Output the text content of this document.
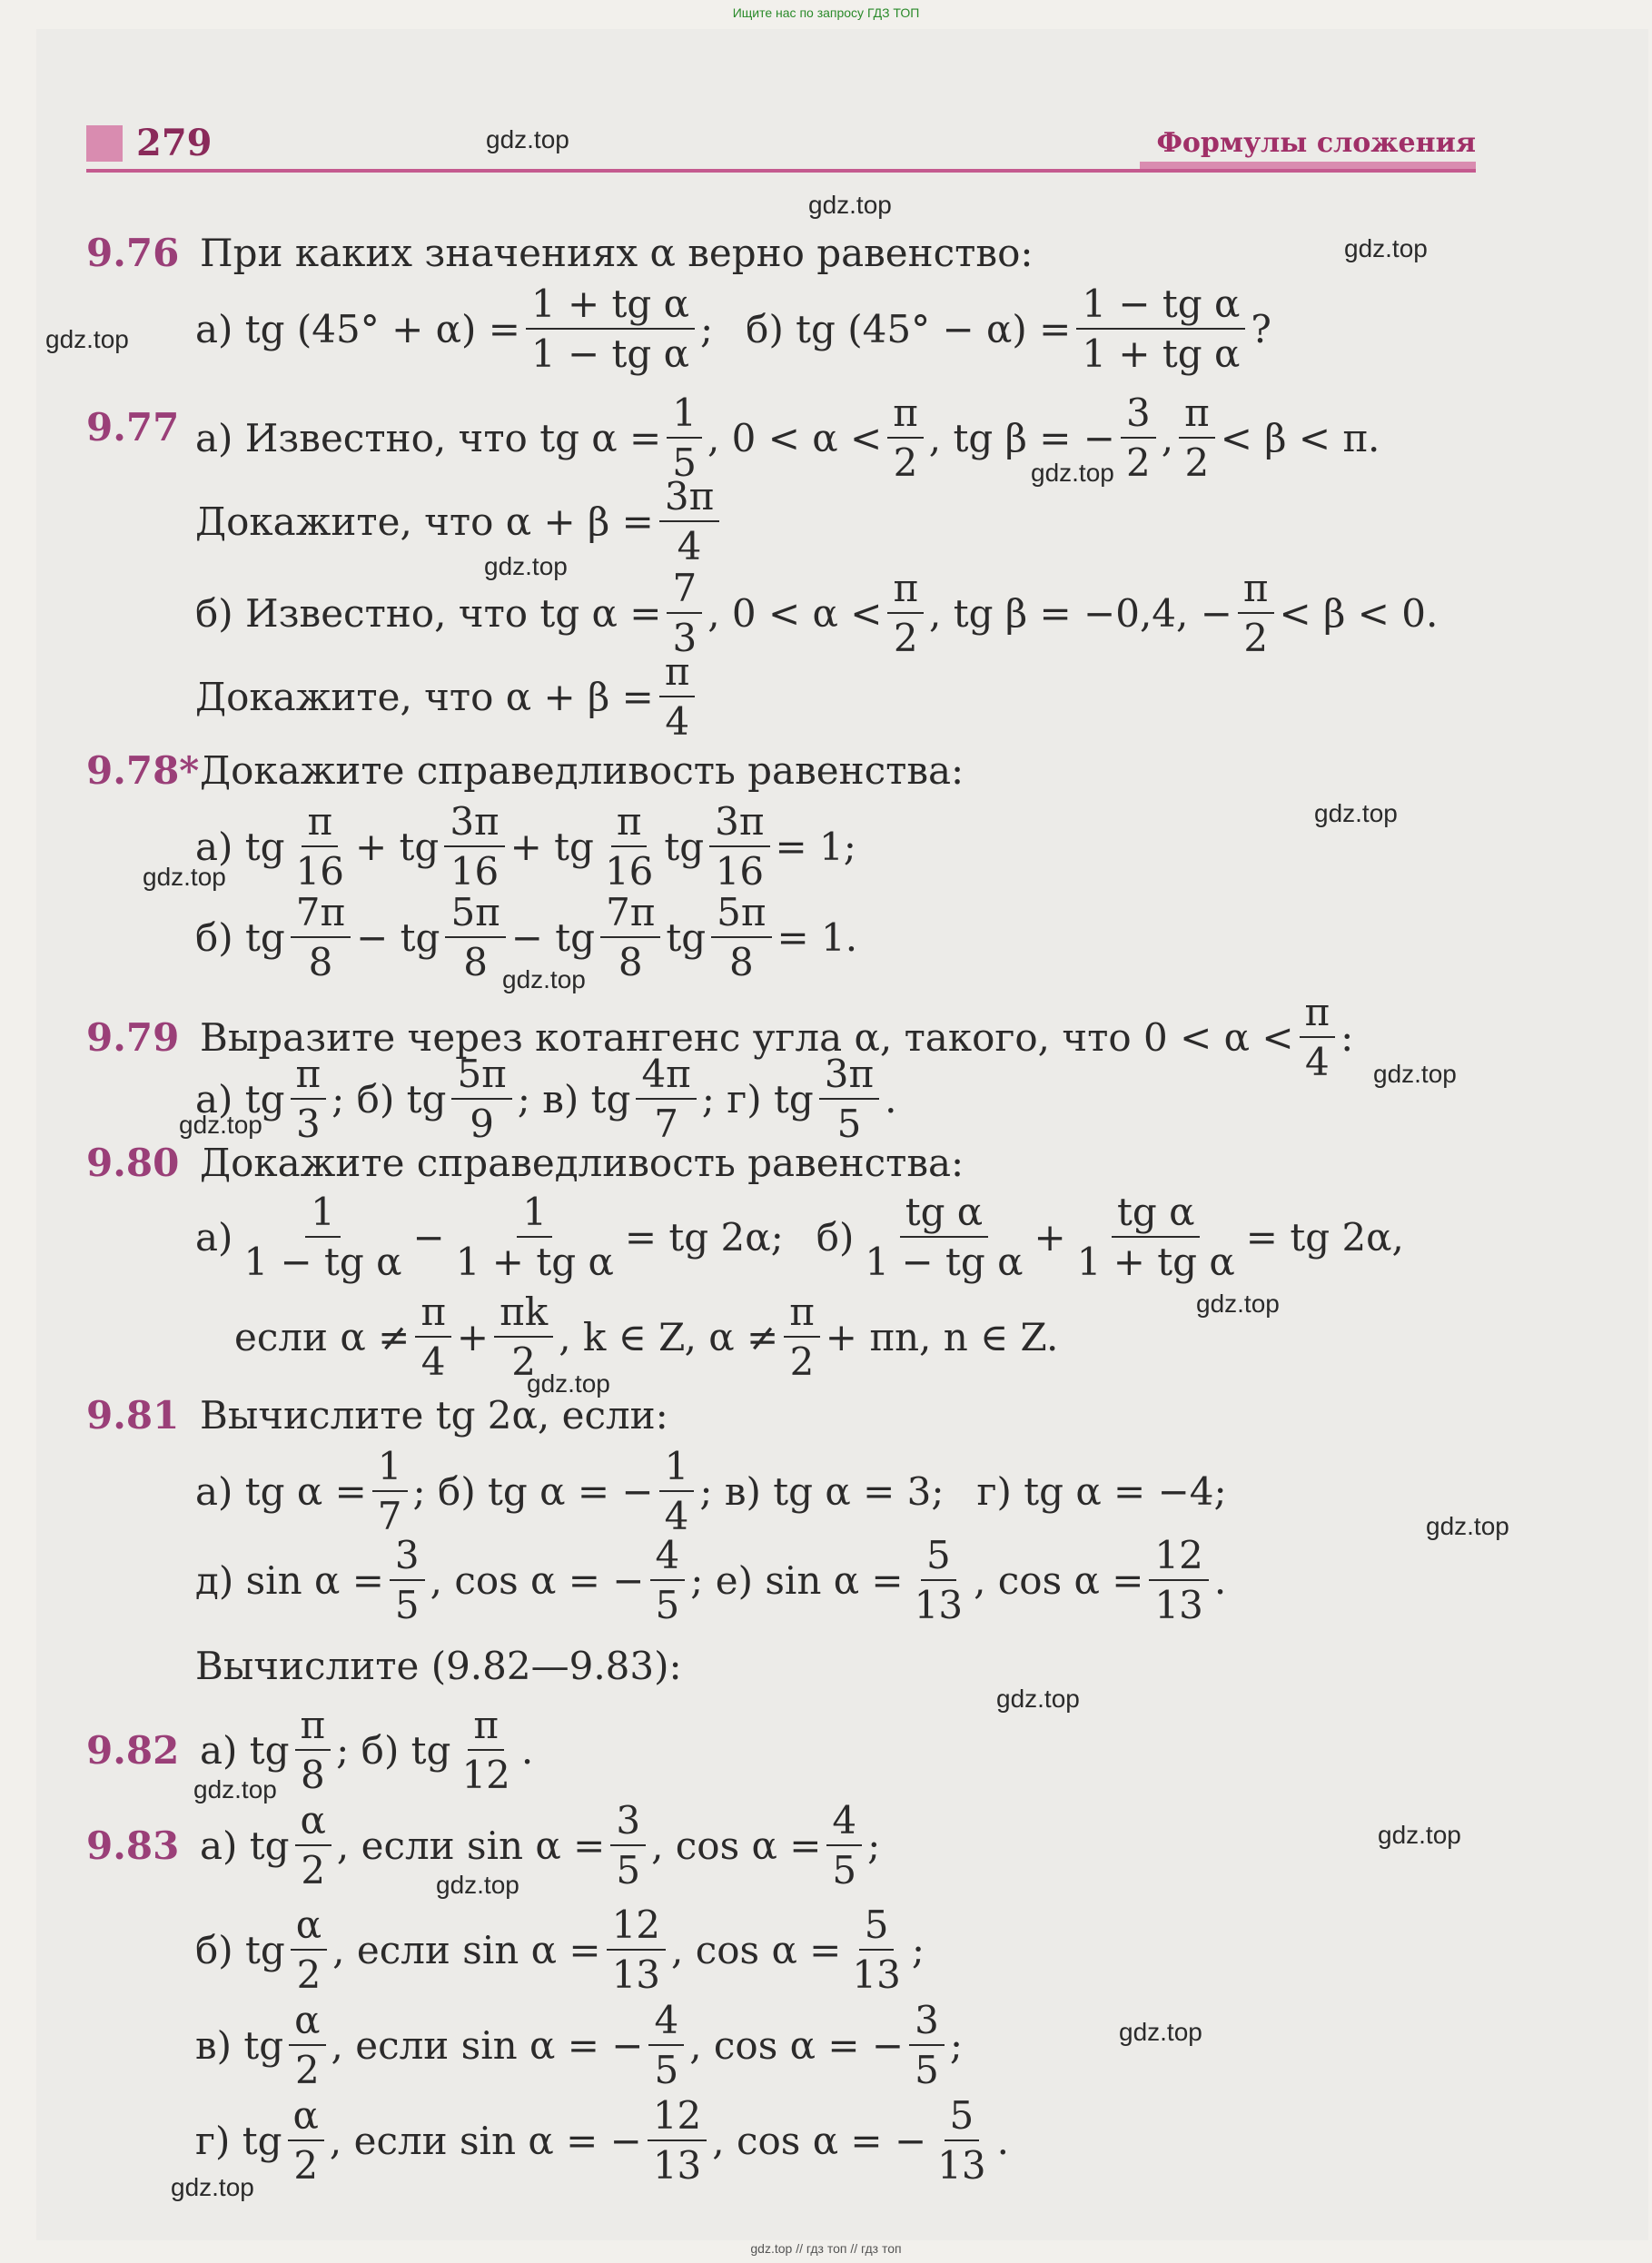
Ищите нас по запросу ГДЗ ТОП
gdz.top // гдз топ // гдз топ
279	Формулы сложения
gdz.top
gdz.top
gdz.top
gdz.top
gdz.top
gdz.top
gdz.top
gdz.top
gdz.top
gdz.top
gdz.top
gdz.top
gdz.top
gdz.top
gdz.top
gdz.top
gdz.top
gdz.top
gdz.top
gdz.top
9.76 При каких значениях α верно равенство:
а) tg $(45^\circ + \alpha) = \frac{\text{1 + tg α}}{\text{1 − tg α}}$ ; б) tg $(45^\circ - \alpha) = \frac{\text{1 − tg α}}{\text{1 + tg α}}$ ?
9.77 а) Известно, что tg $\alpha = \frac{1}{5}$ , $0 < \alpha < \frac{\pi}{2}$ , tg β = − $\frac{3}{2}$ , $\frac{\pi}{2} < \beta < \pi$.
Докажите, что $\alpha + \beta = \frac{3\pi}{4}$
б) Известно, что tg $\alpha = \frac{7}{3}$ , $0 < \alpha < \frac{\pi}{2}$ , tg β = −0,4, − $\frac{\pi}{2} < \beta < 0$.
Докажите, что $\alpha + \beta = \frac{\pi}{4}$
9.78*Докажите справедливость равенства:
а) tg $\frac{\pi}{16}$ + tg $\frac{3\pi}{16}$ + tg $\frac{\pi}{16}$ tg $\frac{3\pi}{16} = 1$;
б) tg $\frac{7\pi}{8}$ − tg $\frac{5\pi}{8}$ − tg $\frac{7\pi}{8}$ tg $\frac{5\pi}{8} = 1$.
9.79 Выразите через котангенс угла α, такого, что $0 < \alpha < \frac{\pi}{4}$ :
а) tg $\frac{\pi}{3}$ ; б) tg $\frac{5\pi}{9}$ ; в) tg $\frac{4\pi}{7}$ ; г) tg $\frac{3\pi}{5}$ .
9.80 Докажите справедливость равенства:
$а) \frac{1}{\text{1 − tg α}} - \frac{1}{\text{1 + tg α}}$ = tg 2α; $б) \frac{\text{tg α}}{\text{1 − tg α}} + \frac{\text{tg α}}{\text{1 + tg α}}$ = tg 2α,
если $\alpha \ne \frac{\pi}{4} + \frac{\pi k}{2}$ , k ∈ Z, $\alpha \ne \frac{\pi}{2} + \pi n$, n ∈ Z.
9.81 Вычислите tg 2α, если:
а) tg $\alpha = \frac{1}{7}$ ; б) tg α = − $\frac{1}{4}$ ; в) tg α = 3; г) tg α = −4;
д) $\sin \alpha = \frac{3}{5}$ , cos α = − $\frac{4}{5}$ ; е) $\sin \alpha = \frac{5}{13}$ , $\cos \alpha = \frac{12}{13}$ .
Вычислите (9.82—9.83):
9.82 а) tg $\frac{\pi}{8}$ ; б) tg $\frac{\pi}{12}$ .
9.83 а) tg $\frac{\alpha}{2}$ , если $\sin \alpha = \frac{3}{5}$ , $\cos \alpha = \frac{4}{5}$ ;
б) tg $\frac{\alpha}{2}$ , если $\sin \alpha = \frac{12}{13}$ , $\cos \alpha = \frac{5}{13}$ ;
в) tg $\frac{\alpha}{2}$ , если sin α = − $\frac{4}{5}$ , cos α = − $\frac{3}{5}$ ;
г) tg $\frac{\alpha}{2}$ , если sin α = − $\frac{12}{13}$ , cos α = − $\frac{5}{13}$ .
